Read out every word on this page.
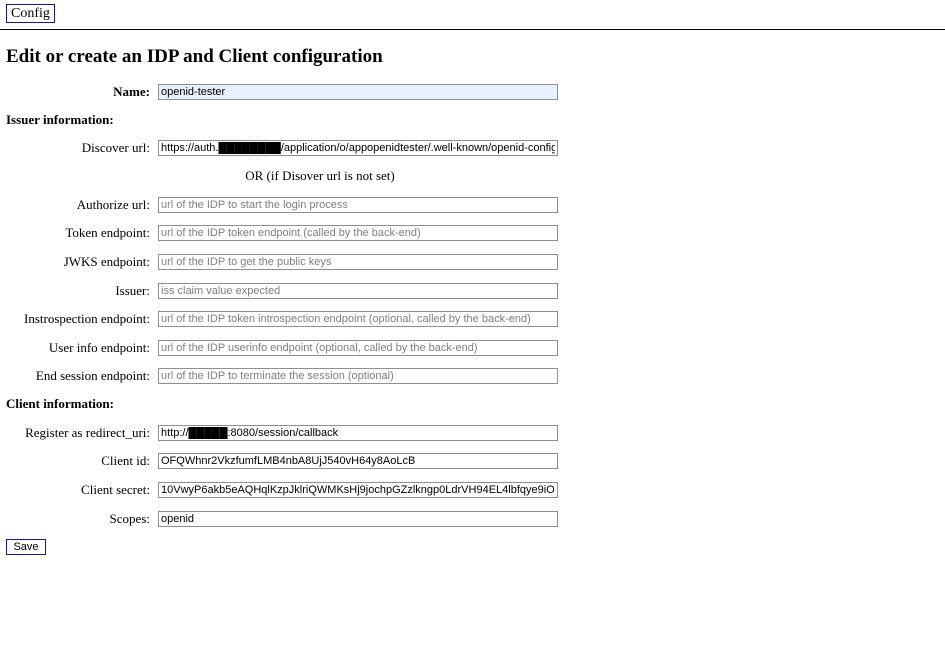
Config
Edit or create an IDP and Client configuration
Name:
openid-tester
Issuer information:
Discover url:
https://auth.████████/application/o/appopenidtester/.well-known/openid-configuration
OR (if Disover url is not set)
Authorize url:
url of the IDP to start the login process
Token endpoint:
url of the IDP token endpoint (called by the back-end)
JWKS endpoint:
url of the IDP to get the public keys
Issuer:
iss claim value expected
Instrospection endpoint:
url of the IDP token introspection endpoint (optional, called by the back-end)
User info endpoint:
url of the IDP userinfo endpoint (optional, called by the back-end)
End session endpoint:
url of the IDP to terminate the session (optional)
Client information:
Register as redirect_uri:
http://█████:8080/session/callback
Client id:
OFQWhnr2VkzfumfLMB4nbA8UjJ540vH64y8AoLcB
Client secret:
10VwyP6akb5eAQHqlKzpJklriQWMKsHj9jochpGZzlkngp0LdrVH94EL4lbfqye9iOsC
Scopes:
openid
Save
